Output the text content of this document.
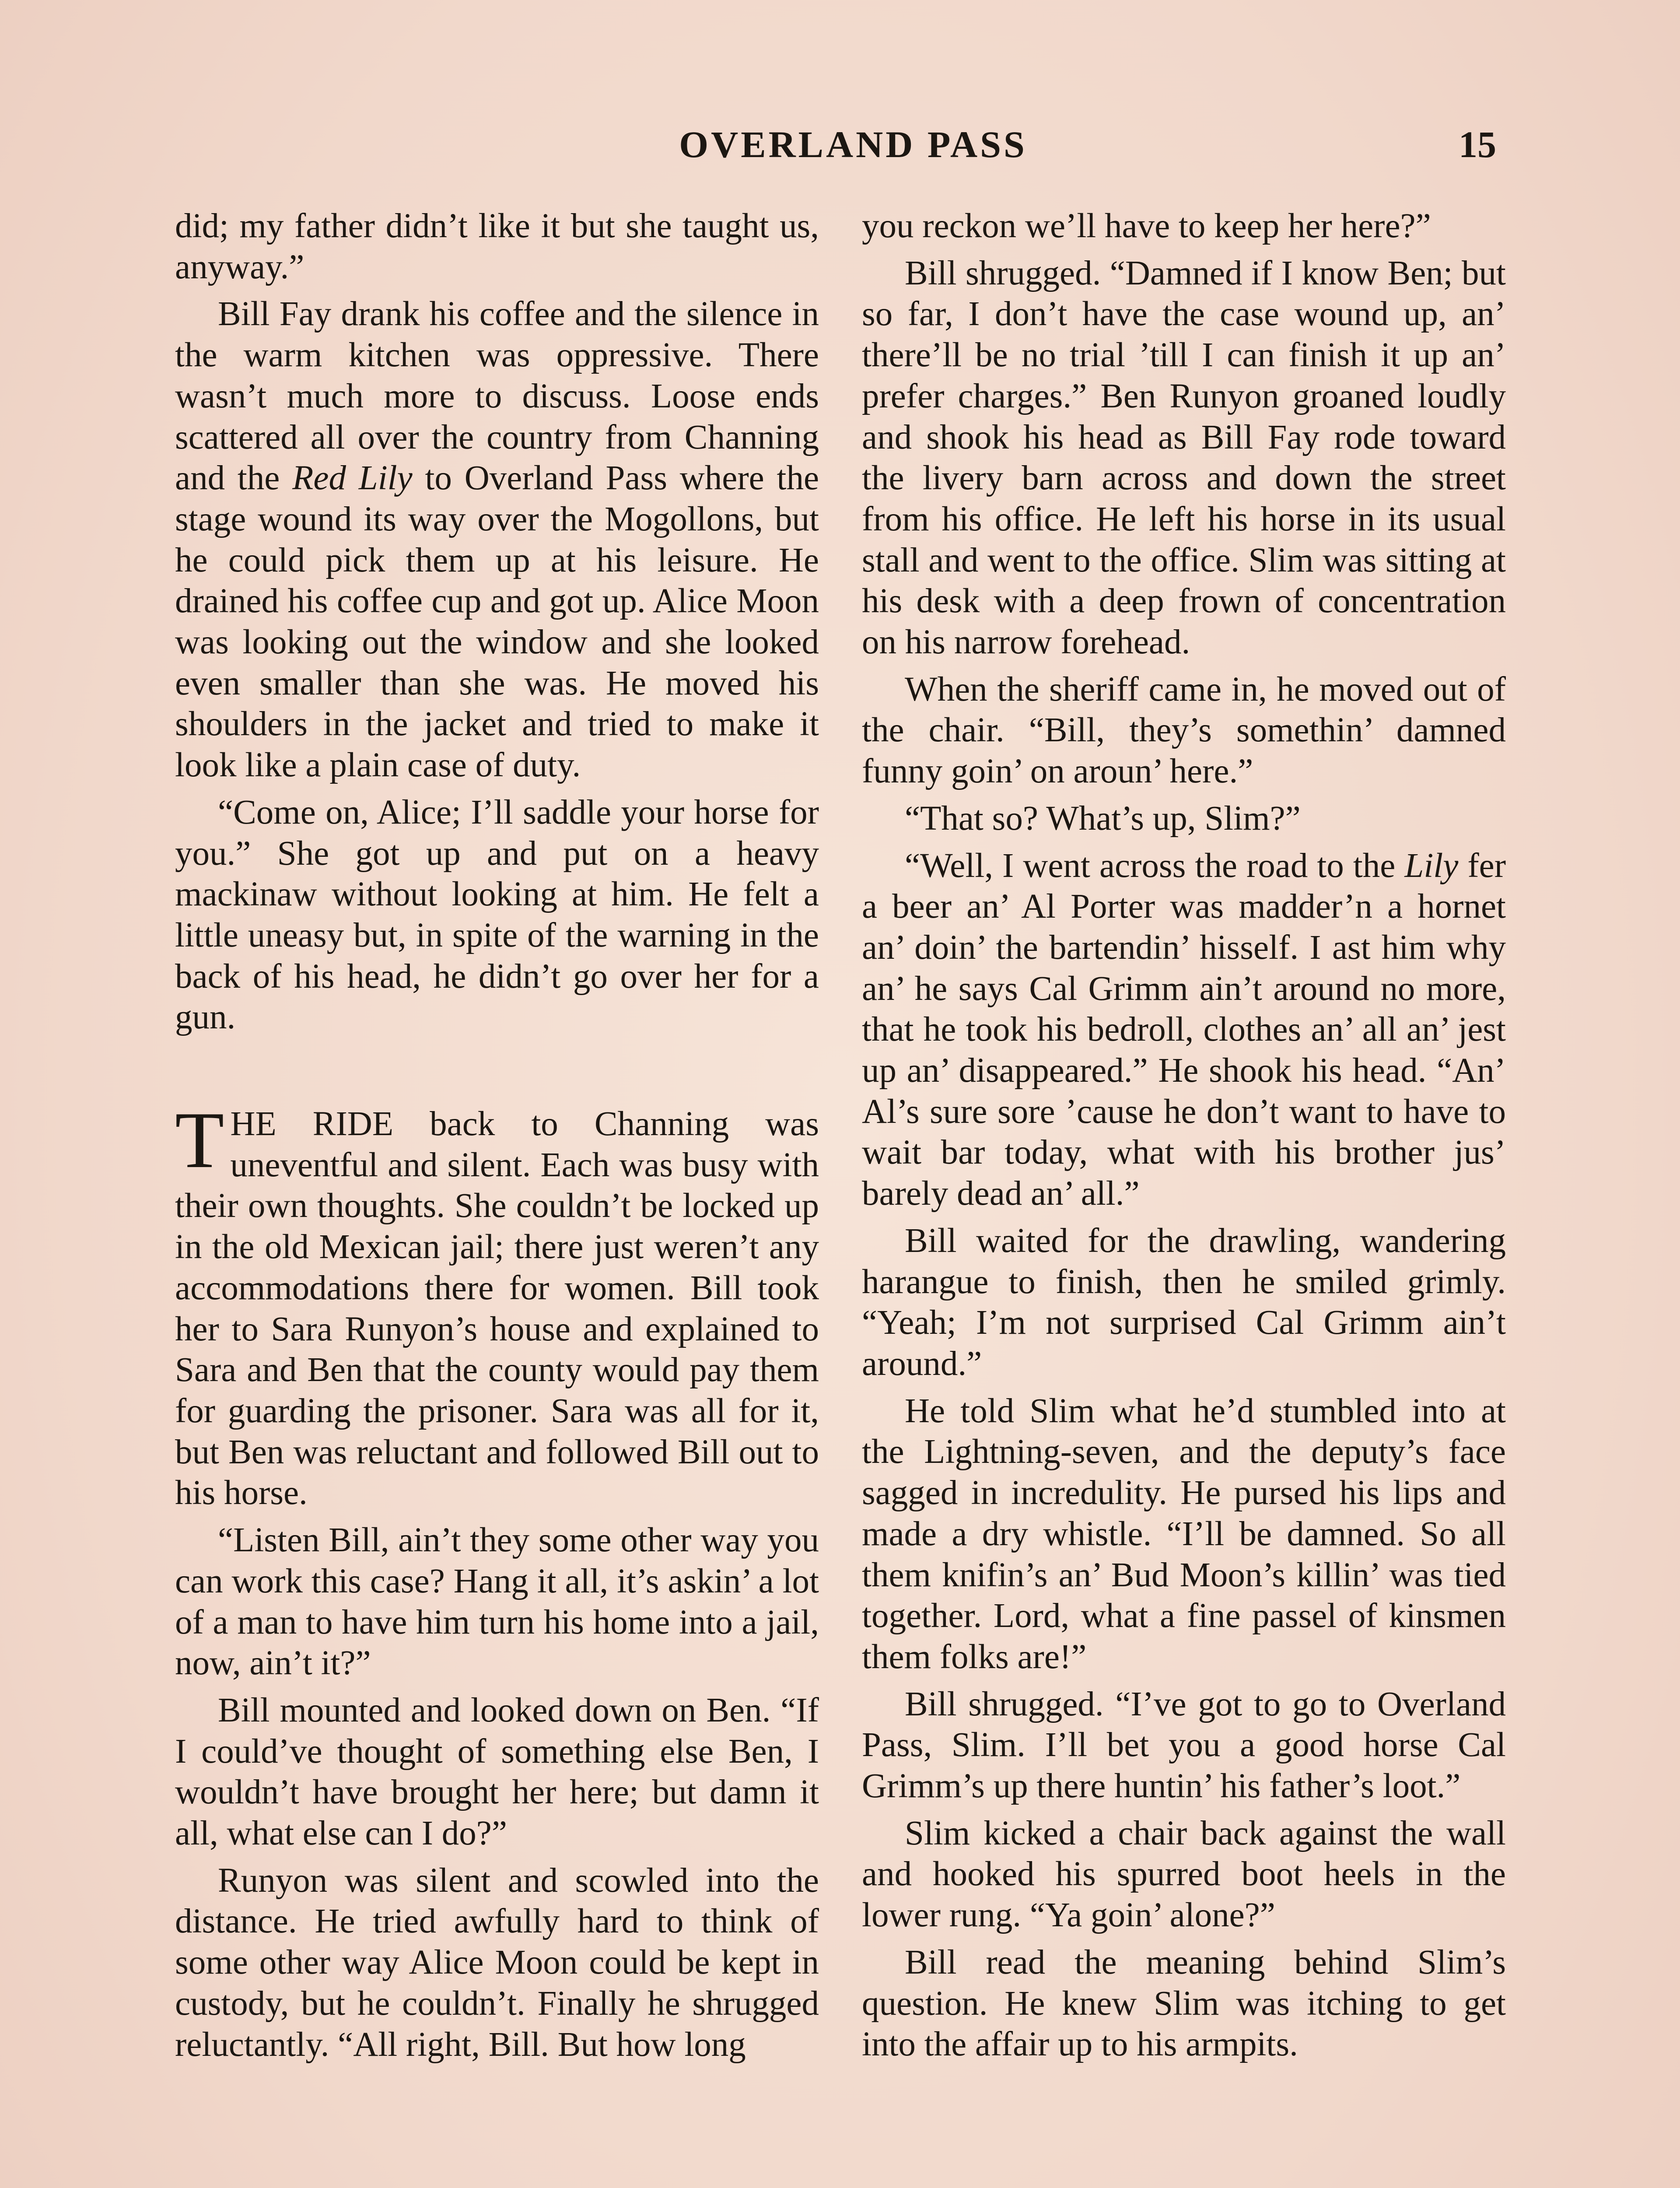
OVERLAND PASS	15

did; my father didn’t like it but she taught us, anyway.”

Bill Fay drank his coffee and the silence in the warm kitchen was oppressive. There wasn’t much more to discuss. Loose ends scattered all over the country from Channing and the Red Lily to Overland Pass where the stage wound its way over the Mogollons, but he could pick them up at his leisure. He drained his coffee cup and got up. Alice Moon was looking out the window and she looked even smaller than she was. He moved his shoulders in the jacket and tried to make it look like a plain case of duty.

“Come on, Alice; I’ll saddle your horse for you.” She got up and put on a heavy mackinaw without looking at him. He felt a little uneasy but, in spite of the warning in the back of his head, he didn’t go over her for a gun.

THE RIDE back to Channing was uneventful and silent. Each was busy with their own thoughts. She couldn’t be locked up in the old Mexican jail; there just weren’t any accommodations there for women. Bill took her to Sara Runyon’s house and explained to Sara and Ben that the county would pay them for guarding the prisoner. Sara was all for it, but Ben was reluctant and followed Bill out to his horse.

“Listen Bill, ain’t they some other way you can work this case? Hang it all, it’s askin’ a lot of a man to have him turn his home into a jail, now, ain’t it?”

Bill mounted and looked down on Ben. “If I could’ve thought of something else Ben, I wouldn’t have brought her here; but damn it all, what else can I do?”

Runyon was silent and scowled into the distance. He tried awfully hard to think of some other way Alice Moon could be kept in custody, but he couldn’t. Finally he shrugged reluctantly. “All right, Bill. But how long

you reckon we’ll have to keep her here?”

Bill shrugged. “Damned if I know Ben; but so far, I don’t have the case wound up, an’ there’ll be no trial ’till I can finish it up an’ prefer charges.” Ben Runyon groaned loudly and shook his head as Bill Fay rode toward the livery barn across and down the street from his office. He left his horse in its usual stall and went to the office. Slim was sitting at his desk with a deep frown of concentration on his narrow forehead.

When the sheriff came in, he moved out of the chair. “Bill, they’s somethin’ damned funny goin’ on aroun’ here.”

“That so? What’s up, Slim?”

“Well, I went across the road to the Lily fer a beer an’ Al Porter was madder’n a hornet an’ doin’ the bartendin’ hisself. I ast him why an’ he says Cal Grimm ain’t around no more, that he took his bedroll, clothes an’ all an’ jest up an’ disappeared.” He shook his head. “An’ Al’s sure sore ’cause he don’t want to have to wait bar today, what with his brother jus’ barely dead an’ all.”

Bill waited for the drawling, wandering harangue to finish, then he smiled grimly. “Yeah; I’m not surprised Cal Grimm ain’t around.”

He told Slim what he’d stumbled into at the Lightning-seven, and the deputy’s face sagged in incredulity. He pursed his lips and made a dry whistle. “I’ll be damned. So all them knifin’s an’ Bud Moon’s killin’ was tied together. Lord, what a fine passel of kinsmen them folks are!”

Bill shrugged. “I’ve got to go to Overland Pass, Slim. I’ll bet you a good horse Cal Grimm’s up there huntin’ his father’s loot.”

Slim kicked a chair back against the wall and hooked his spurred boot heels in the lower rung. “Ya goin’ alone?”

Bill read the meaning behind Slim’s question. He knew Slim was itching to get into the affair up to his armpits.
